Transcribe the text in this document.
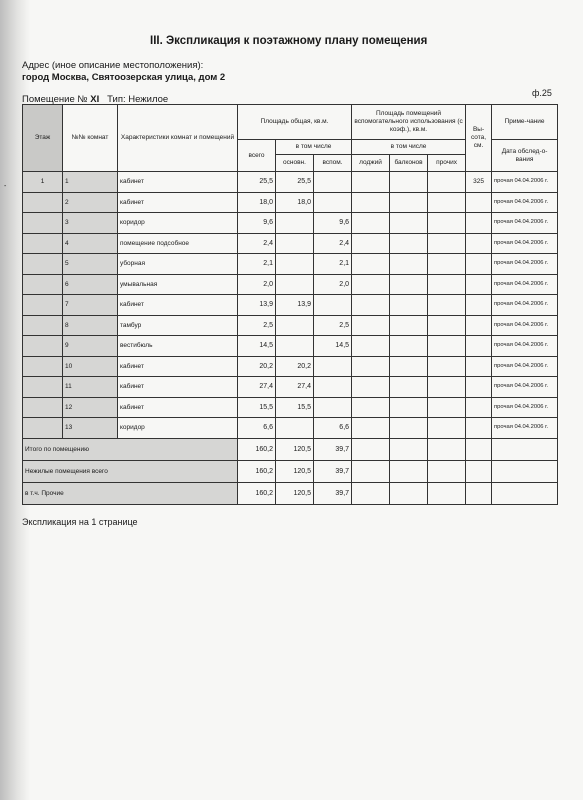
III. Экспликация к поэтажному плану помещения
Адрес (иное описание местоположения):
город Москва, Святоозерская улица, дом 2
Помещение № XI Тип: Нежилое
ф.25
-
Этаж	№№ комнат	Характеристики комнат и помещений	Площадь общая, кв.м.			Площадь помещений вспомогательного использования (с коэф.), кв.м.			Вы-сота, см.	Приме-чание
			всего	в том числе		в том числе				Дата обслед-о-вания
				основн.	вспом.	лоджий	балконов	прочих		
1	1	кабинет	25,5	25,5					325	прочая 04.04.2006 г.
	2	кабинет	18,0	18,0						прочая 04.04.2006 г.
	3	коридор	9,6		9,6					прочая 04.04.2006 г.
	4	помещение подсобное	2,4		2,4					прочая 04.04.2006 г.
	5	уборная	2,1		2,1					прочая 04.04.2006 г.
	6	умывальная	2,0		2,0					прочая 04.04.2006 г.
	7	кабинет	13,9	13,9						прочая 04.04.2006 г.
	8	тамбур	2,5		2,5					прочая 04.04.2006 г.
	9	вестибюль	14,5		14,5					прочая 04.04.2006 г.
	10	кабинет	20,2	20,2						прочая 04.04.2006 г.
	11	кабинет	27,4	27,4						прочая 04.04.2006 г.
	12	кабинет	15,5	15,5						прочая 04.04.2006 г.
	13	коридор	6,6		6,6					прочая 04.04.2006 г.
Итого по помещению			160,2	120,5	39,7					
Нежилые помещения всего			160,2	120,5	39,7					
в т.ч. Прочие			160,2	120,5	39,7					
Экспликация на 1 странице
